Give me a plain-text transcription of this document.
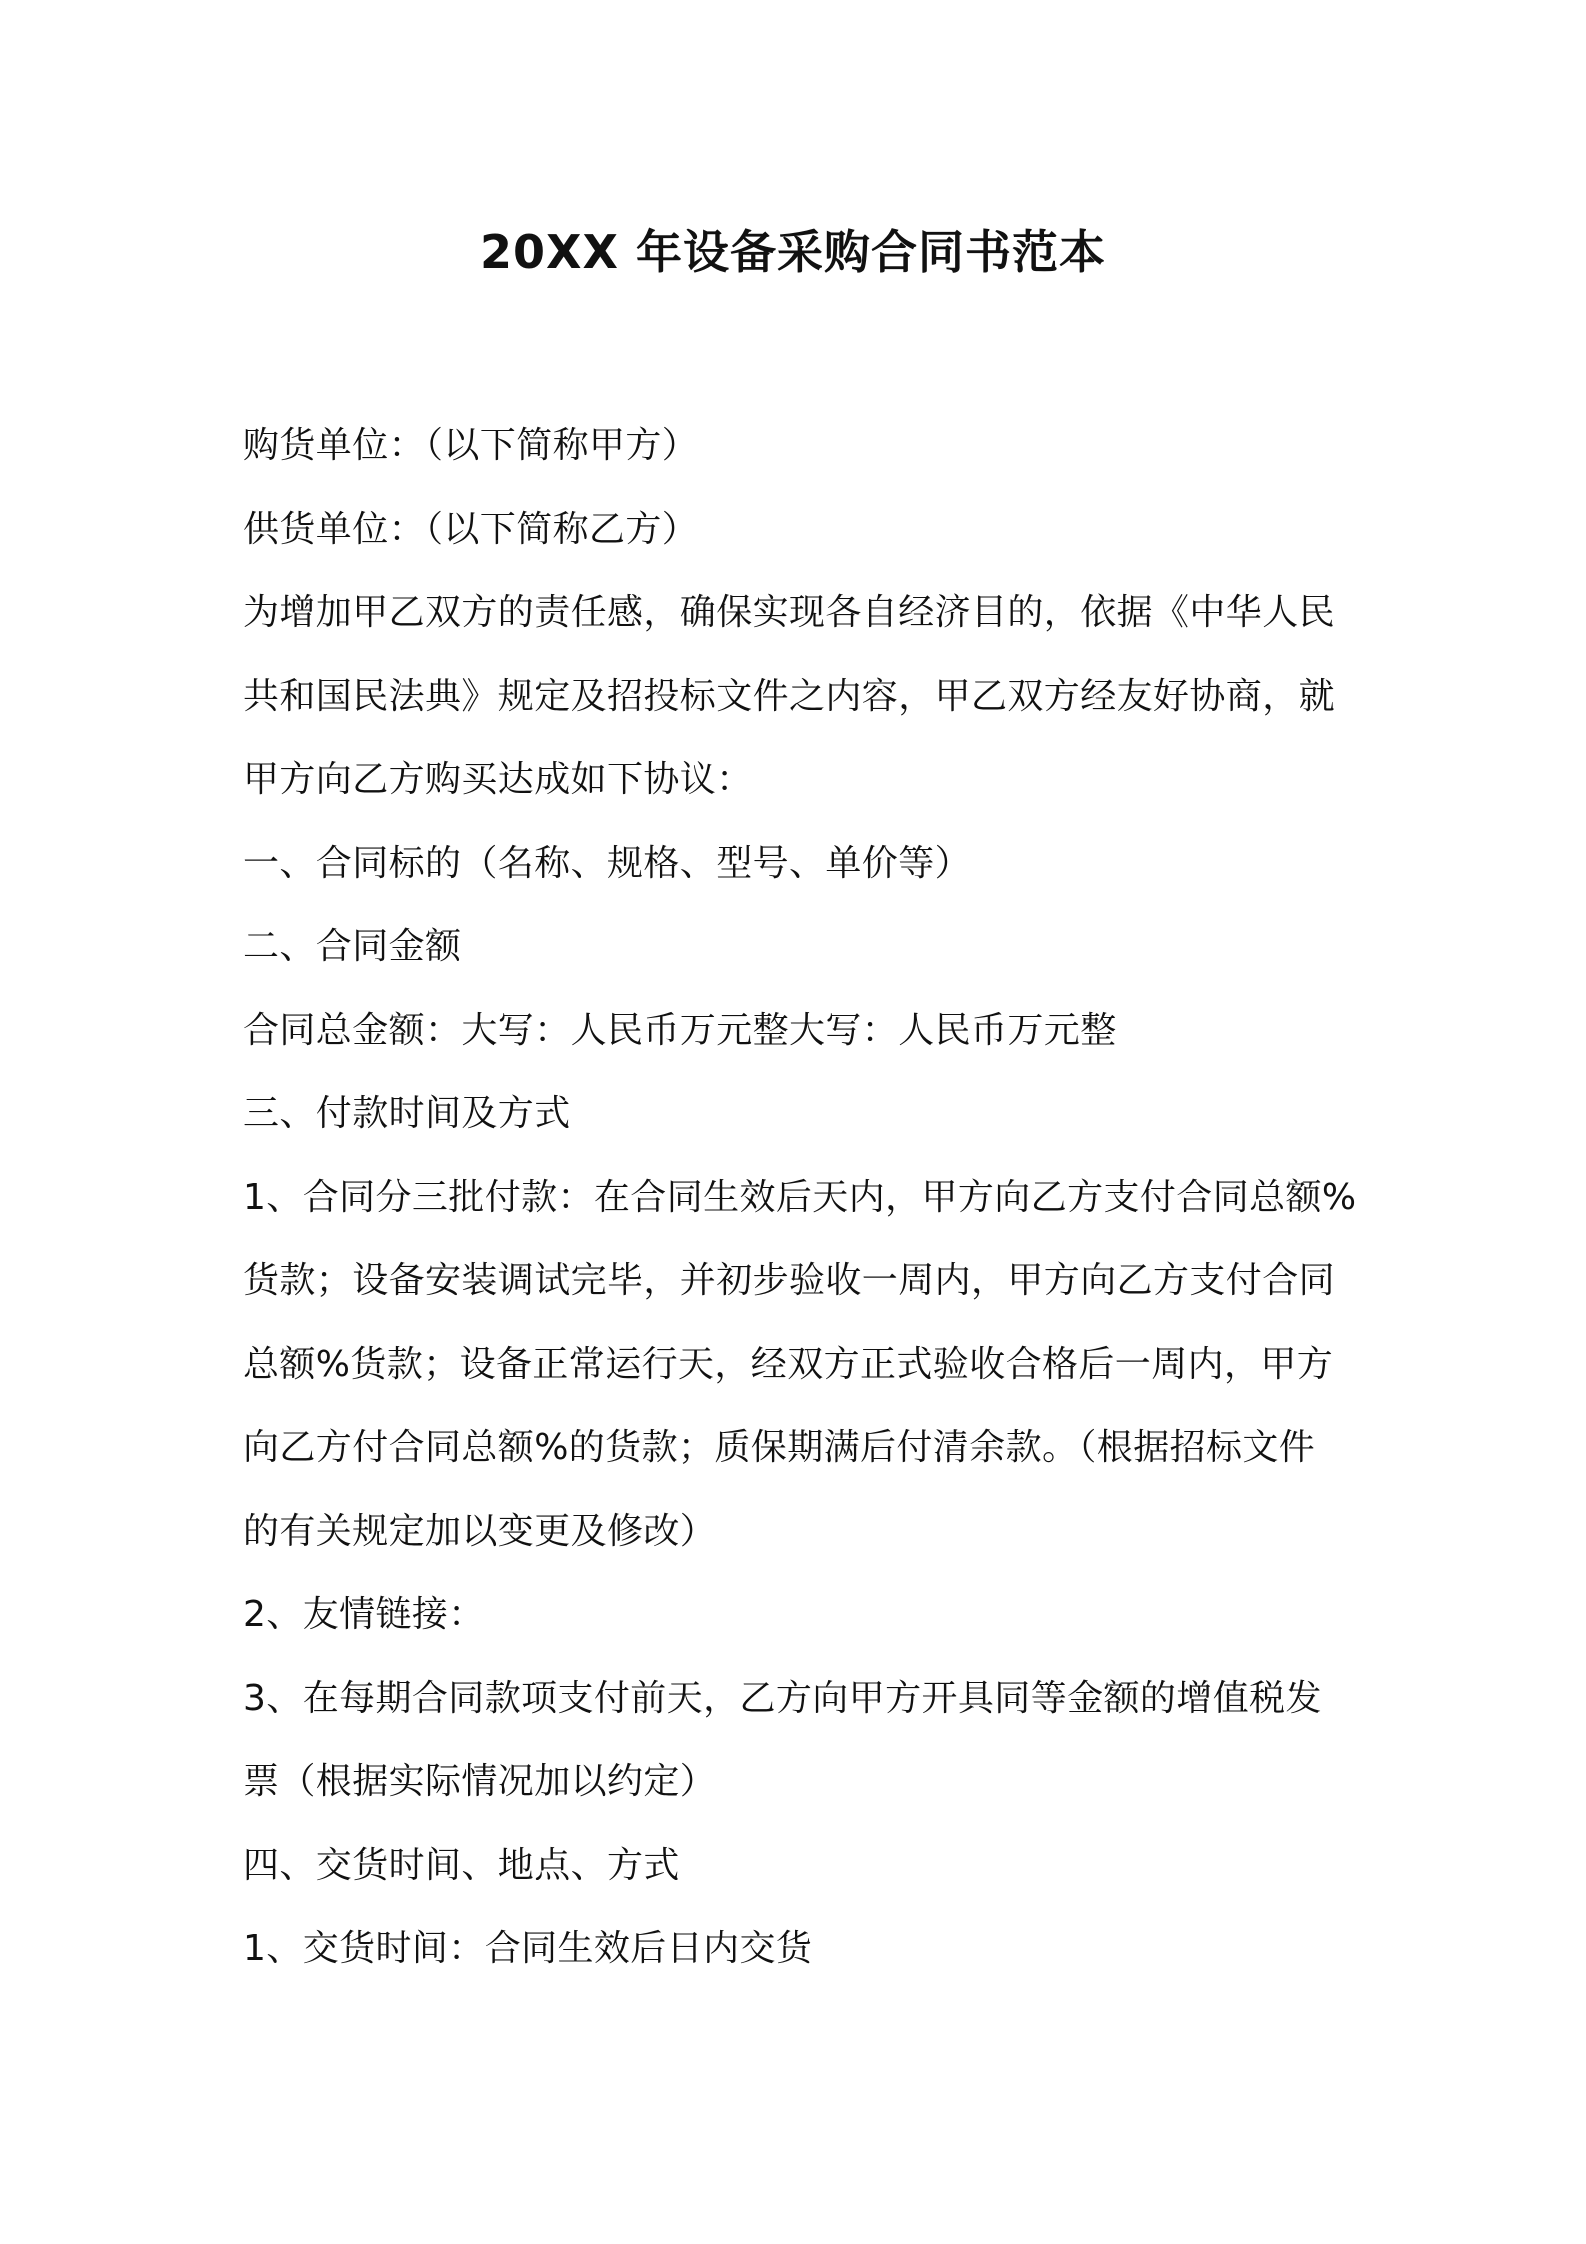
20XX 年设备采购合同书范本
购货单位：（以下简称甲方）
供货单位：（以下简称乙方）
为增加甲乙双方的责任感，确保实现各自经济目的，依据《中华人民
共和国民法典》规定及招投标文件之内容，甲乙双方经友好协商，就
甲方向乙方购买达成如下协议：
一、合同标的（名称、规格、型号、单价等）
二、合同金额
合同总金额：大写：人民币万元整大写：人民币万元整
三、付款时间及方式
1、合同分三批付款：在合同生效后天内，甲方向乙方支付合同总额%
货款；设备安装调试完毕，并初步验收一周内，甲方向乙方支付合同
总额%货款；设备正常运行天，经双方正式验收合格后一周内，甲方
向乙方付合同总额%的货款；质保期满后付清余款。（根据招标文件
的有关规定加以变更及修改）
2、友情链接：
3、在每期合同款项支付前天，乙方向甲方开具同等金额的增值税发
票（根据实际情况加以约定）
四、交货时间、地点、方式
1、交货时间：合同生效后日内交货
